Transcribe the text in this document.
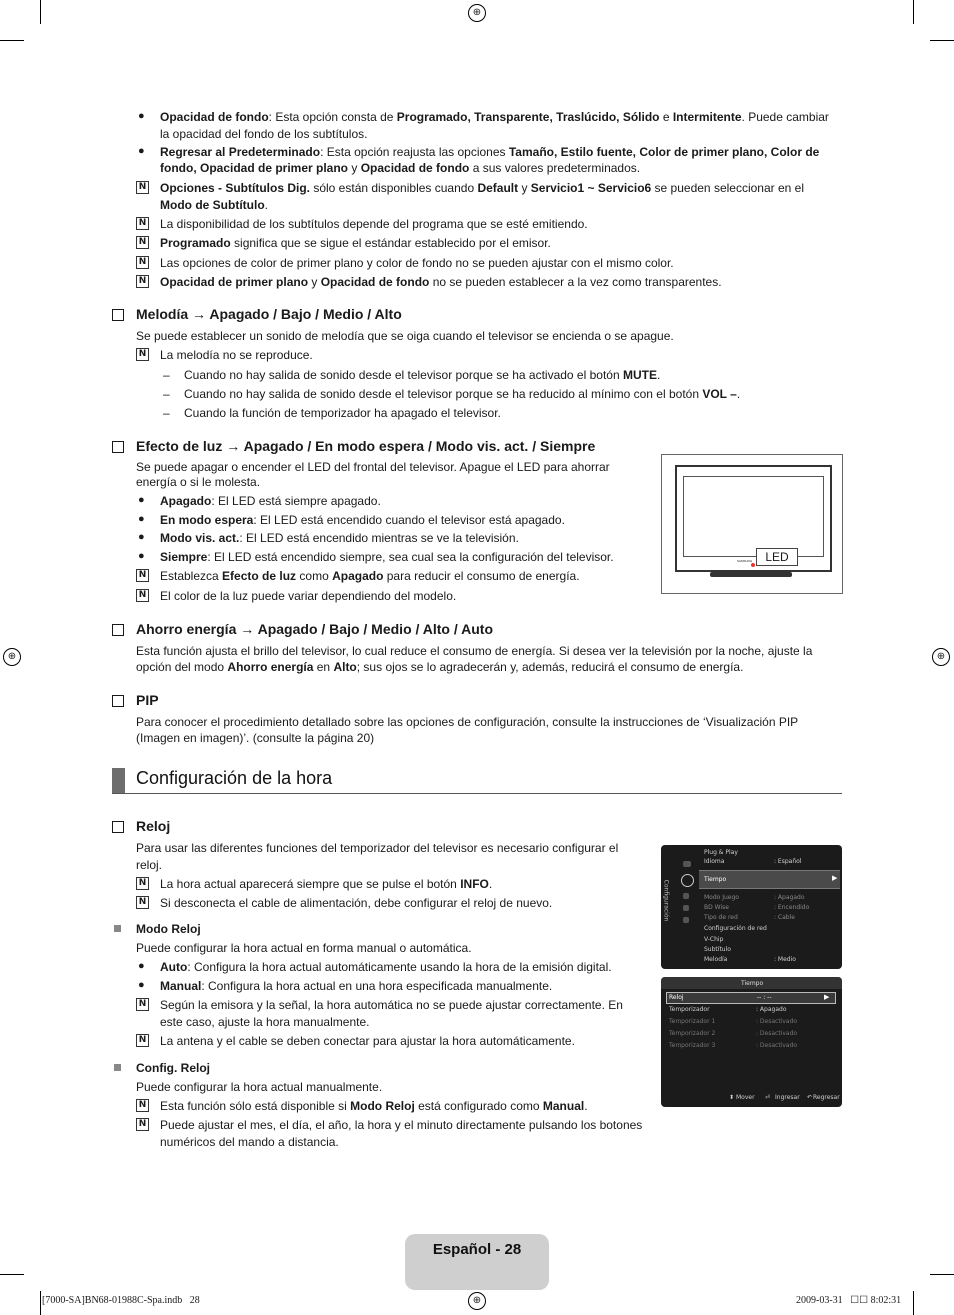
⊕
⊕	⊕
⊕
● Opacidad de fondo: Esta opción consta de Programado, Transparente, Traslúcido, Sólido e Intermitente. Puede cambiar
la opacidad del fondo de los subtítulos.
● Regresar al Predeterminado: Esta opción reajusta las opciones Tamaño, Estilo fuente, Color de primer plano, Color de
fondo, Opacidad de primer plano y Opacidad de fondo a sus valores predeterminados.
N Opciones - Subtítulos Dig. sólo están disponibles cuando Default y Servicio1 ~ Servicio6 se pueden seleccionar en el
Modo de Subtítulo.
N La disponibilidad de los subtítulos depende del programa que se esté emitiendo.
N Programado significa que se sigue el estándar establecido por el emisor.
N Las opciones de color de primer plano y color de fondo no se pueden ajustar con el mismo color.
N Opacidad de primer plano y Opacidad de fondo no se pueden establecer a la vez como transparentes.
Melodía → Apagado / Bajo / Medio / Alto
Se puede establecer un sonido de melodía que se oiga cuando el televisor se encienda o se apague.
N La melodía no se reproduce.
– Cuando no hay salida de sonido desde el televisor porque se ha activado el botón MUTE.
– Cuando no hay salida de sonido desde el televisor porque se ha reducido al mínimo con el botón VOL –.
– Cuando la función de temporizador ha apagado el televisor.
Efecto de luz → Apagado / En modo espera / Modo vis. act. / Siempre
Se puede apagar o encender el LED del frontal del televisor. Apague el LED para ahorrar
energía o si le molesta.
● Apagado: El LED está siempre apagado.
● En modo espera: El LED está encendido cuando el televisor está apagado.
● Modo vis. act.: El LED está encendido mientras se ve la televisión.
● Siempre: El LED está encendido siempre, sea cual sea la configuración del televisor.
N Establezca Efecto de luz como Apagado para reducir el consumo de energía.
N El color de la luz puede variar dependiendo del modelo.
SAMSUNG	LED
Ahorro energía → Apagado / Bajo / Medio / Alto / Auto
Esta función ajusta el brillo del televisor, lo cual reduce el consumo de energía. Si desea ver la televisión por la noche, ajuste la
opción del modo Ahorro energía en Alto; sus ojos se lo agradecerán y, además, reducirá el consumo de energía.
PIP
Para conocer el procedimiento detallado sobre las opciones de configuración, consulte la instrucciones de ‘Visualización PIP
(Imagen en imagen)’. (consulte la página 20)
Configuración de la hora
Reloj
Para usar las diferentes funciones del temporizador del televisor es necesario configurar el
reloj.
N La hora actual aparecerá siempre que se pulse el botón INFO.
N Si desconecta el cable de alimentación, debe configurar el reloj de nuevo.
Modo Reloj
Puede configurar la hora actual en forma manual o automática.
● Auto: Configura la hora actual automáticamente usando la hora de la emisión digital.
● Manual: Configura la hora actual en una hora especificada manualmente.
N Según la emisora y la señal, la hora automática no se puede ajustar correctamente. En
este caso, ajuste la hora manualmente.
N La antena y el cable se deben conectar para ajustar la hora automáticamente.
Config. Reloj
Puede configurar la hora actual manualmente.
N Esta función sólo está disponible si Modo Reloj está configurado como Manual.
N Puede ajustar el mes, el día, el año, la hora y el minuto directamente pulsando los botones
numéricos del mando a distancia.
Configuración
Plug & Play
Idioma	: Español
Tiempo	▶
Modo Juego	: Apagado
BD Wise	: Encendido
Tipo de red	: Cable
Configuración de red
V-Chip
Subtítulo
Melodía	: Medio
Tiempo
Reloj	-- : --	▶
Temporizador	: Apagado
Temporizador 1	: Desactivado
Temporizador 2	: Desactivado
Temporizador 3	: Desactivado
⬍ Mover ⏎ Ingresar ↶ Regresar
Español - 28
[7000-SA]BN68-01988C-Spa.indb   28	2009-03-31   ☐☐ 8:02:31
